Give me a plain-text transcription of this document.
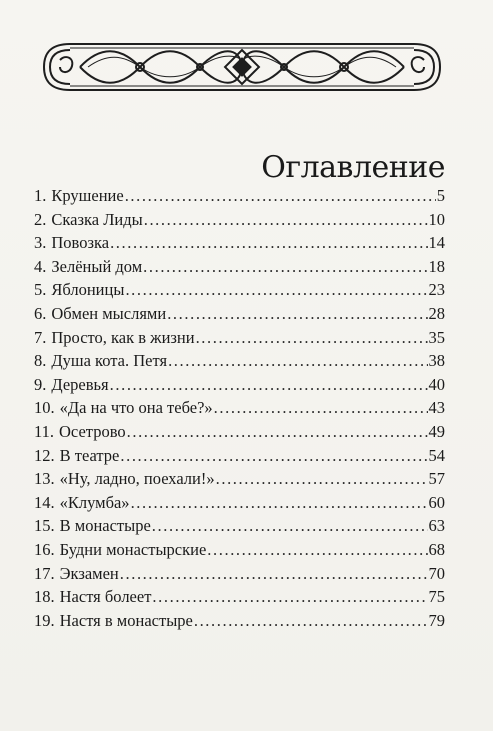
Оглавление
1. Крушение .....	5
2. Сказка Лиды .....	10
3. Повозка .....	14
4. Зелёный дом .....	18
5. Яблоницы .....	23
6. Обмен мыслями .....	28
7. Просто, как в жизни .....	35
8. Душа кота. Петя .....	38
9. Деревья .....	40
10. «Да на что она тебе?» .....	43
11. Осетрово .....	49
12. В театре .....	54
13. «Ну, ладно, поехали!» .....	57
14. «Клумба» .....	60
15. В монастыре .....	63
16. Будни монастырские .....	68
17. Экзамен .....	70
18. Настя болеет .....	75
19. Настя в монастыре .....	79
